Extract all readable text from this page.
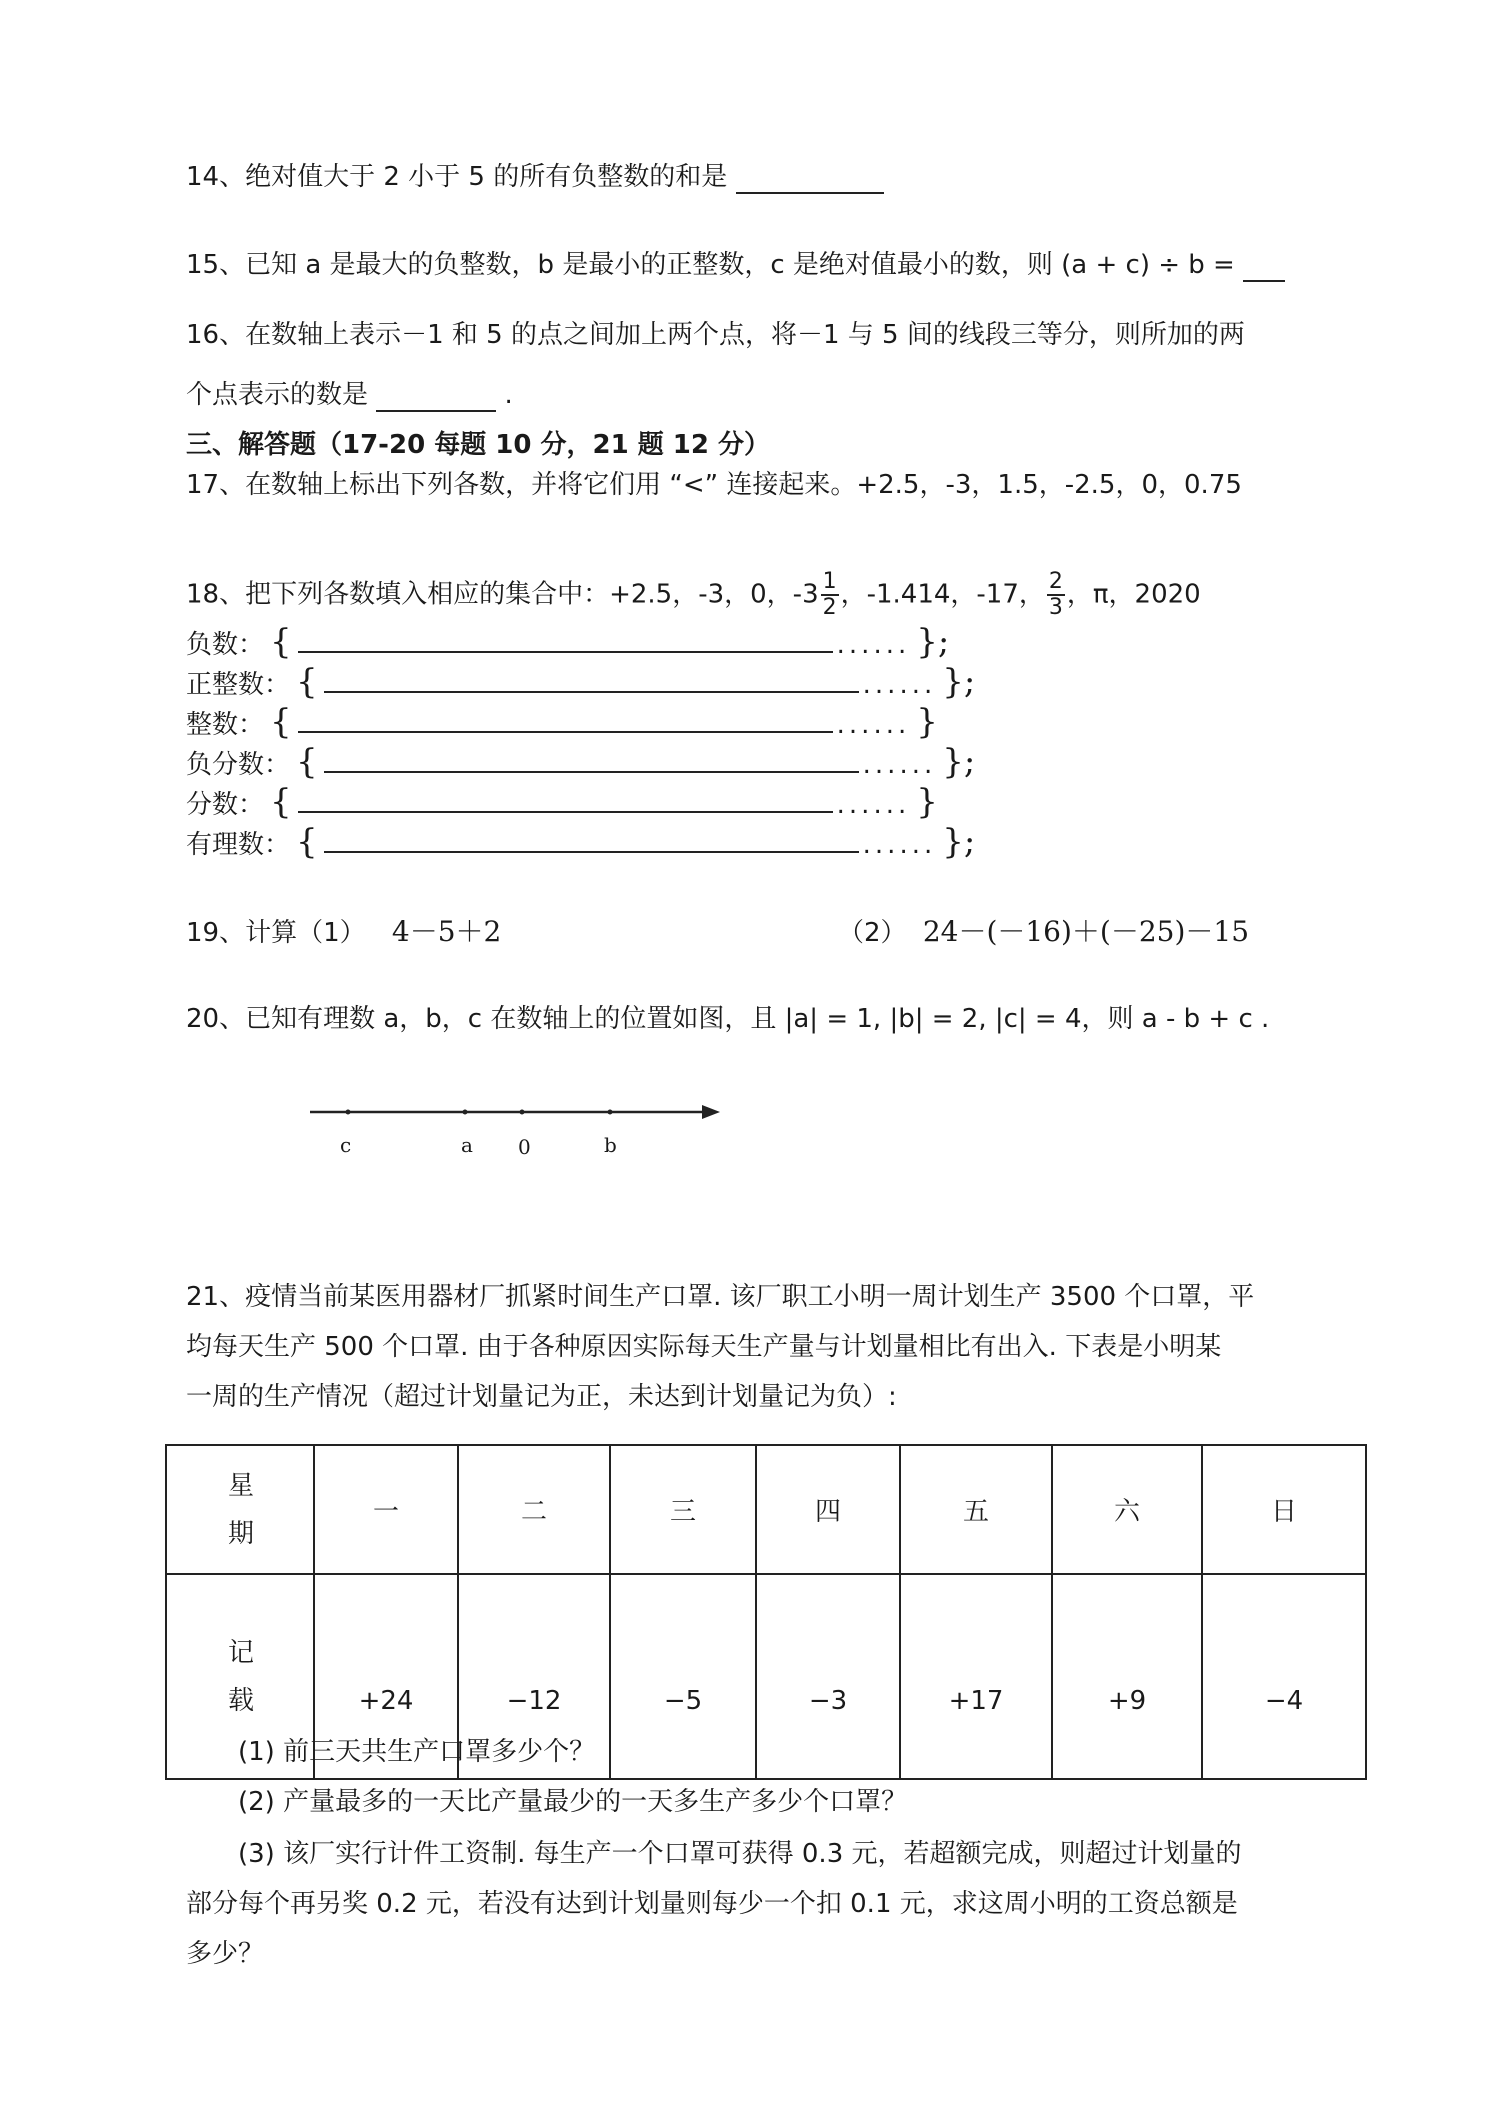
14、绝对值大于 2 小于 5 的所有负整数的和是
15、已知 a 是最大的负整数，b 是最小的正整数，c 是绝对值最小的数，则 (a + c) ÷ b =
16、在数轴上表示－1 和 5 的点之间加上两个点，将－1 与 5 间的线段三等分，则所加的两
个点表示的数是	.
三、解答题（17-20 每题 10 分，21 题 12 分）
17、在数轴上标出下列各数，并将它们用 “<” 连接起来。+2.5，-3，1.5，-2.5，0，0.75
18、把下列各数填入相应的集合中：+2.5，-3，0，$-3 \frac{1}{2}$ ，-1.414，-17， $\frac{2}{3}$ ，π，2020
负数： {	...... };
正整数： {	...... };
整数： {	...... }
负分数： {	...... };
分数： {	...... }
有理数： {	...... };
19、计算（1） 4－5＋2	（2） 24－(－16)＋(－25)－15
20、已知有理数 a，b，c 在数轴上的位置如图，且 |a| = 1, |b| = 2, |c| = 4，则 a - b + c .
c	a 0	b
21、疫情当前某医用器材厂抓紧时间生产口罩. 该厂职工小明一周计划生产 3500 个口罩，平
均每天生产 500 个口罩. 由于各种原因实际每天生产量与计划量相比有出入. 下表是小明某
一周的生产情况（超过计划量记为正，未达到计划量记为负）:
星
期	一	二	三	四	五	六	日

记
载	+24	−12	−5	−3	+17	+9	−4
(1) 前三天共生产口罩多少个？
(2) 产量最多的一天比产量最少的一天多生产多少个口罩？
(3) 该厂实行计件工资制. 每生产一个口罩可获得 0.3 元，若超额完成，则超过计划量的
部分每个再另奖 0.2 元，若没有达到计划量则每少一个扣 0.1 元，求这周小明的工资总额是
多少？
